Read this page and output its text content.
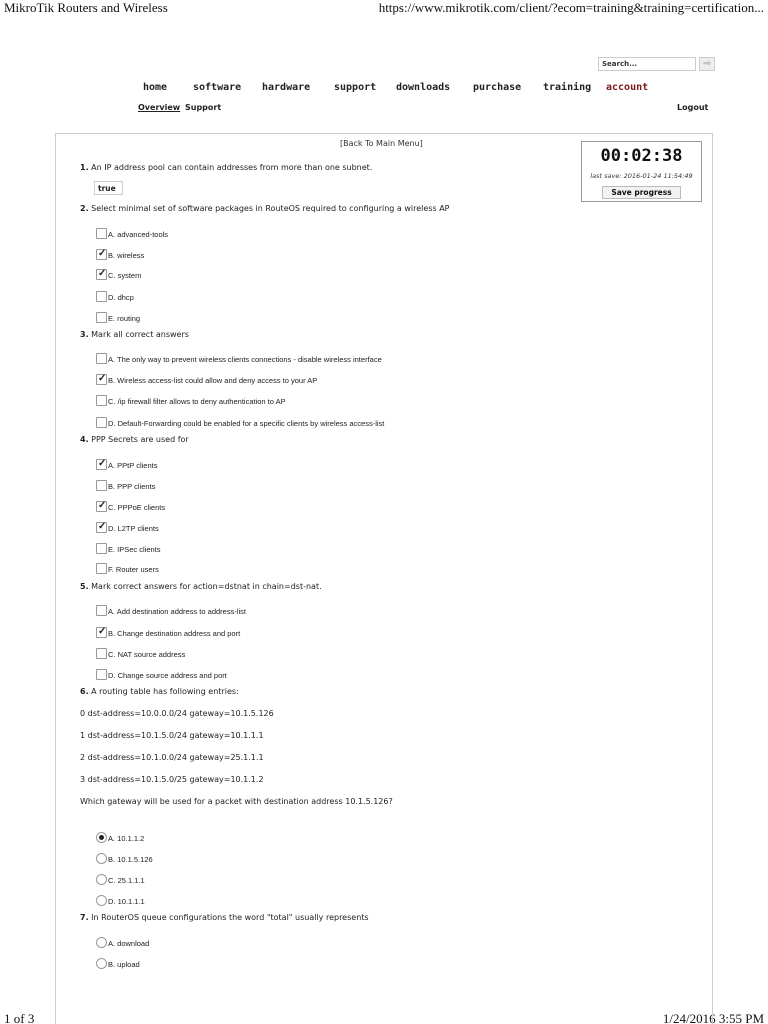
MikroTik Routers and Wireless	https://www.mikrotik.com/client/?ecom=training&training=certification...
1 of 3	1/24/2016 3:55 PM
Search...	⇨
home	software hardware support downloads purchase training account
Overview Support	Logout
[Back To Main Menu]
00:02:38
last save: 2016-01-24 11:54:49
Save progress
1. An IP address pool can contain addresses from more than one subnet.
true
2. Select minimal set of software packages in RouteOS required to configuring a wireless AP
A. advanced-tools
✓
B. wireless
✓
C. system
D. dhcp
E. routing
3. Mark all correct answers
A. The only way to prevent wireless clients connections - disable wireless interface
✓
B. Wireless access-list could allow and deny access to your AP
C. /ip firewall filter allows to deny authentication to AP
D. Default-Forwarding could be enabled for a specific clients by wireless access-list
4. PPP Secrets are used for
✓
A. PPtP clients
B. PPP clients
✓
C. PPPoE clients
✓
D. L2TP clients
E. IPSec clients
F. Router users
5. Mark correct answers for action=dstnat in chain=dst-nat.
A. Add destination address to address-list
✓
B. Change destination address and port
C. NAT source address
D. Change source address and port
6. A routing table has following entries:
0 dst-address=10.0.0.0/24 gateway=10.1.5.126
1 dst-address=10.1.5.0/24 gateway=10.1.1.1
2 dst-address=10.1.0.0/24 gateway=25.1.1.1
3 dst-address=10.1.5.0/25 gateway=10.1.1.2
Which gateway will be used for a packet with destination address 10.1.5.126?
A. 10.1.1.2
B. 10.1.5.126
C. 25.1.1.1
D. 10.1.1.1
7. In RouterOS queue configurations the word "total" usually represents
A. download
B. upload
